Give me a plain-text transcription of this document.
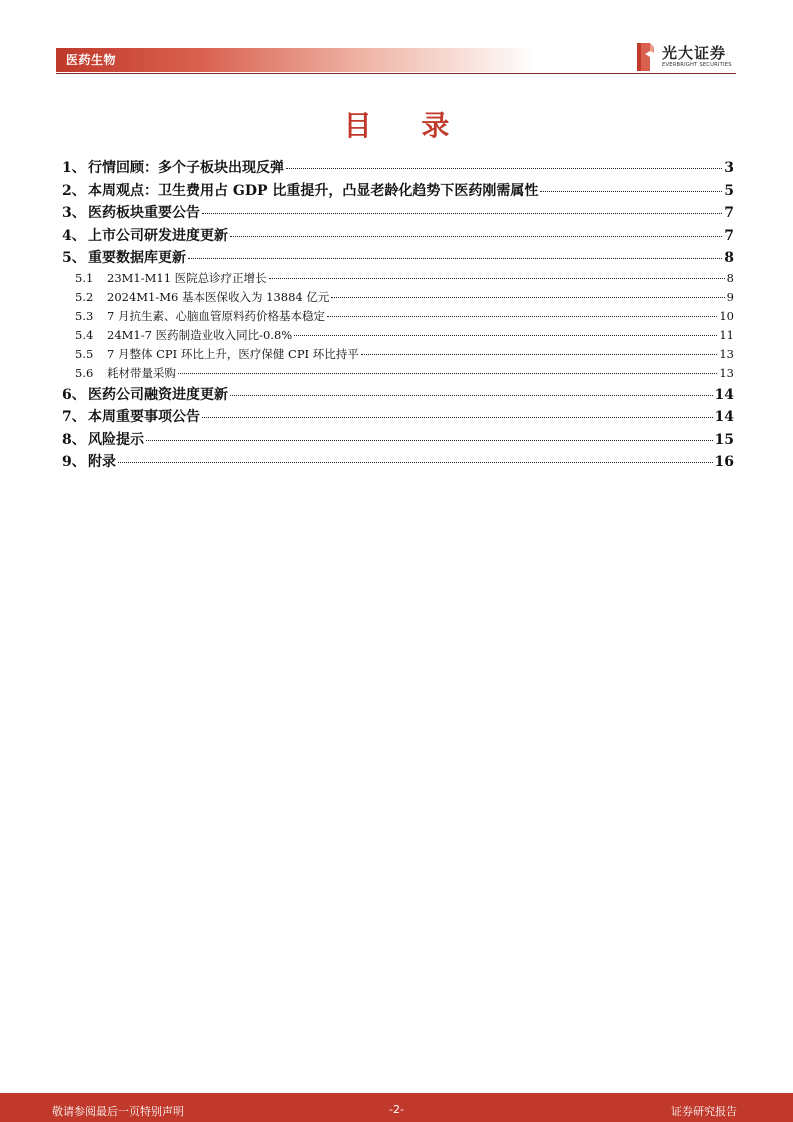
医药生物	光大证券
EVERBRIGHT SECURITIES
目 录
1、 行情回顾：多个子板块出现反弹	3
2、 本周观点：卫生费用占 GDP 比重提升，凸显老龄化趋势下医药刚需属性	5
3、 医药板块重要公告	7
4、 上市公司研发进度更新	7
5、 重要数据库更新	8
5.1	23M1-M11 医院总诊疗正增长	8
5.2	2024M1-M6 基本医保收入为 13884 亿元	9
5.3	7 月抗生素、心脑血管原料药价格基本稳定	10
5.4	24M1-7 医药制造业收入同比-0.8%	11
5.5	7 月整体 CPI 环比上升，医疗保健 CPI 环比持平	13
5.6	耗材带量采购	13
6、 医药公司融资进度更新	14
7、 本周重要事项公告	14
8、 风险提示	15
9、 附录	16
敬请参阅最后一页特别声明	-2-	证券研究报告
